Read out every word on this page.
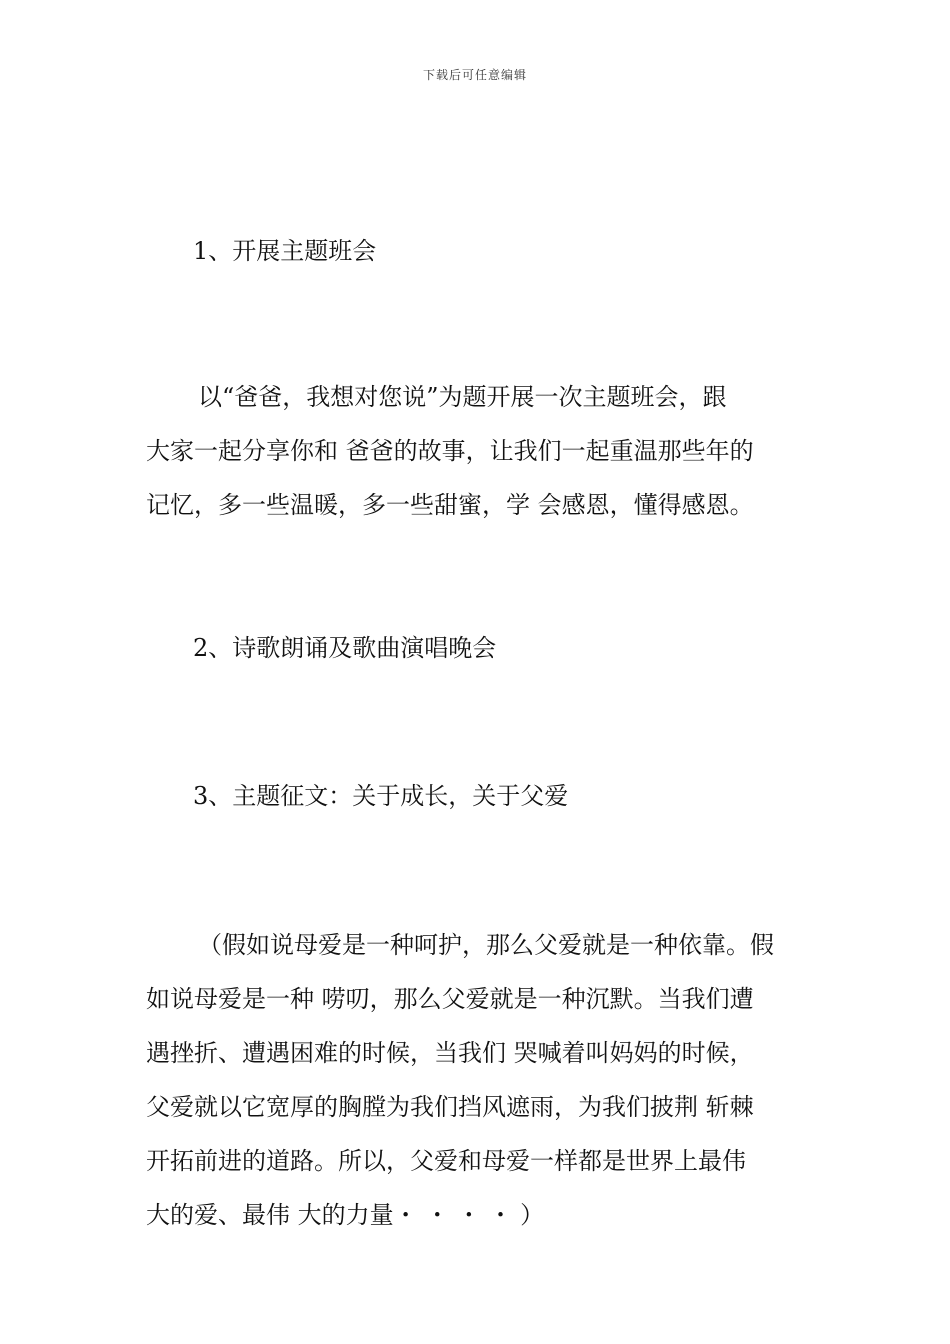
下载后可任意编辑
1、开展主题班会
以“爸爸，我想对您说”为题开展一次主题班会，跟
大家一起分享你和 爸爸的故事，让我们一起重温那些年的
记忆，多一些温暖，多一些甜蜜，学 会感恩，懂得感恩。
2、诗歌朗诵及歌曲演唱晚会
3、主题征文：关于成长，关于父爱
（假如说母爱是一种呵护，那么父爱就是一种依靠。假
如说母爱是一种 唠叨，那么父爱就是一种沉默。当我们遭
遇挫折、遭遇困难的时候，当我们 哭喊着叫妈妈的时候，
父爱就以它宽厚的胸膛为我们挡风遮雨，为我们披荆 斩棘
开拓前进的道路。所以，父爱和母爱一样都是世界上最伟
大的爱、最伟 大的力量・ ・ ・ ・ ）
